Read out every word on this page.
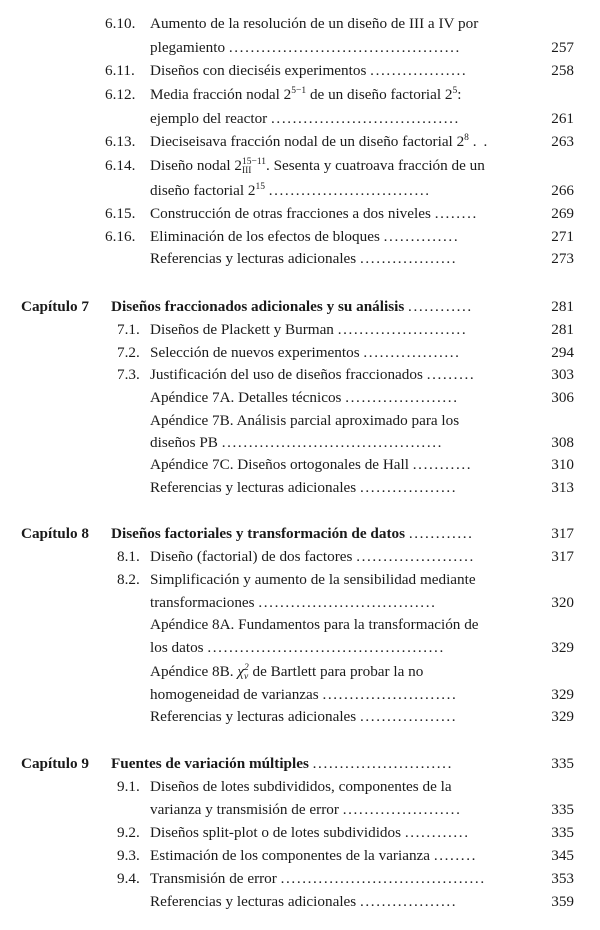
6.10. Aumento de la resolución de un diseño de III a IV por
plegamiento ...........................................	257
6.11. Diseños con dieciséis experimentos ..................	258
6.12. Media fracción nodal $2^{5-1}$ de un diseño factorial $2^5$:
ejemplo del reactor ...................................	261
6.13. Dieciseisava fracción nodal de un diseño factorial $2^8$ . .	263
6.14. Diseño nodal 2 15−11
III . Sesenta y cuatroava fracción de un
diseño factorial $2^{15}$ ..............................	266
6.15. Construcción de otras fracciones a dos niveles ........	269
6.16. Eliminación de los efectos de bloques ..............	271
Referencias y lecturas adicionales ..................	273
Capítulo 7 Diseños fraccionados adicionales y su análisis ............	281
7.1. Diseños de Plackett y Burman ........................	281
7.2. Selección de nuevos experimentos ..................	294
7.3. Justificación del uso de diseños fraccionados .........	303
Apéndice 7A. Detalles técnicos .....................	306
Apéndice 7B. Análisis parcial aproximado para los
diseños PB .........................................	308
Apéndice 7C. Diseños ortogonales de Hall ...........	310
Referencias y lecturas adicionales ..................	313
Capítulo 8 Diseños factoriales y transformación de datos ............	317
8.1. Diseño (factorial) de dos factores ......................	317
8.2. Simplificación y aumento de la sensibilidad mediante
transformaciones .................................	320
Apéndice 8A. Fundamentos para la transformación de
los datos ............................................	329
Apéndice 8B. χ 2
ν de Bartlett para probar la no
homogeneidad de varianzas .........................	329
Referencias y lecturas adicionales ..................	329
Capítulo 9 Fuentes de variación múltiples ..........................	335
9.1. Diseños de lotes subdivididos, componentes de la
varianza y transmisión de error ......................	335
9.2. Diseños split-plot o de lotes subdivididos ............	335
9.3. Estimación de los componentes de la varianza ........	345
9.4. Transmisión de error ......................................	353
Referencias y lecturas adicionales ..................	359
